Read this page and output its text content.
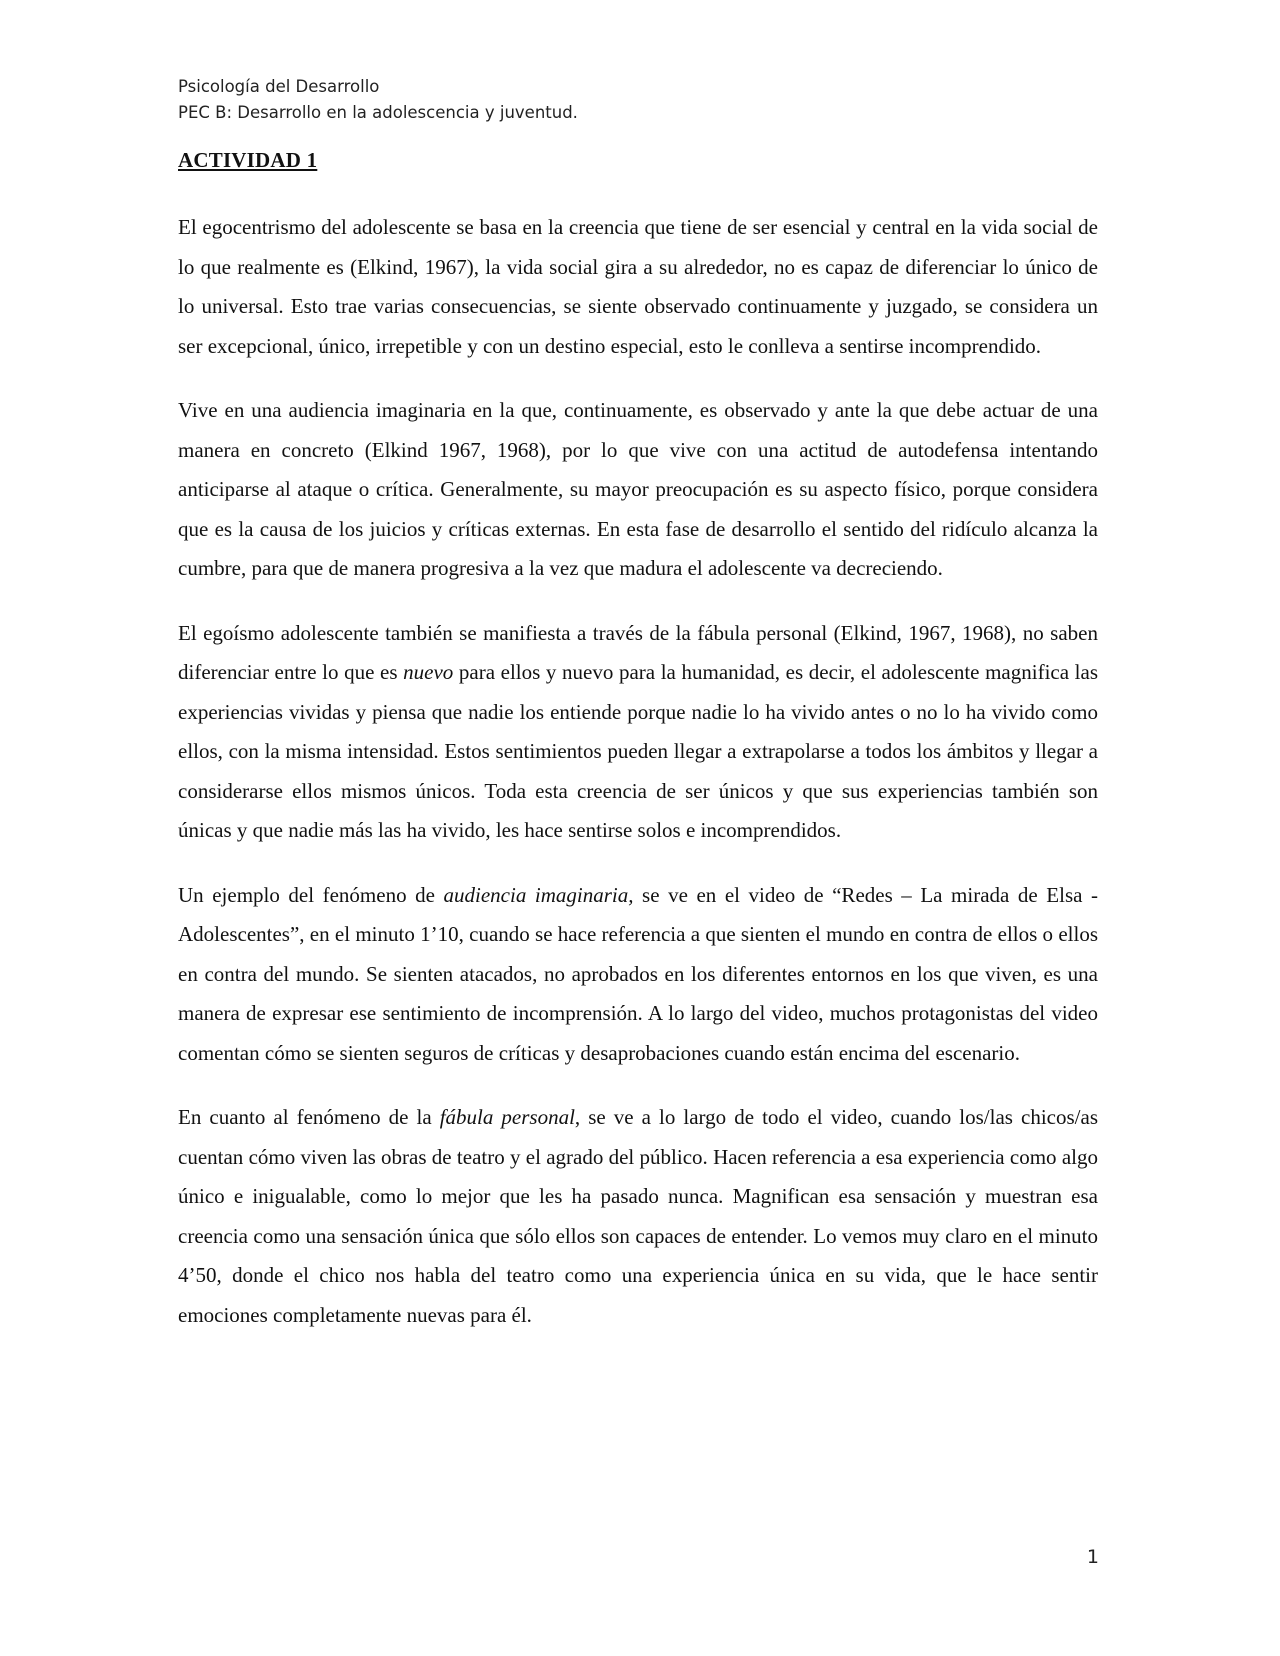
Psicología del Desarrollo
PEC B: Desarrollo en la adolescencia y juventud.
ACTIVIDAD 1

El egocentrismo del adolescente se basa en la creencia que tiene de ser esencial y central en la vida social de lo que realmente es (Elkind, 1967), la vida social gira a su alrededor, no es capaz de diferenciar lo único de lo universal. Esto trae varias consecuencias, se siente observado continuamente y juzgado, se considera un ser excepcional, único, irrepetible y con un destino especial, esto le conlleva a sentirse incomprendido.

Vive en una audiencia imaginaria en la que, continuamente, es observado y ante la que debe actuar de una manera en concreto (Elkind 1967, 1968), por lo que vive con una actitud de autodefensa intentando anticiparse al ataque o crítica. Generalmente, su mayor preocupación es su aspecto físico, porque considera que es la causa de los juicios y críticas externas. En esta fase de desarrollo el sentido del ridículo alcanza la cumbre, para que de manera progresiva a la vez que madura el adolescente va decreciendo.

El egoísmo adolescente también se manifiesta a través de la fábula personal (Elkind, 1967, 1968), no saben diferenciar entre lo que es nuevo para ellos y nuevo para la humanidad, es decir, el adolescente magnifica las experiencias vividas y piensa que nadie los entiende porque nadie lo ha vivido antes o no lo ha vivido como ellos, con la misma intensidad. Estos sentimientos pueden llegar a extrapolarse a todos los ámbitos y llegar a considerarse ellos mismos únicos. Toda esta creencia de ser únicos y que sus experiencias también son únicas y que nadie más las ha vivido, les hace sentirse solos e incomprendidos.

Un ejemplo del fenómeno de audiencia imaginaria, se ve en el video de “Redes – La mirada de Elsa - Adolescentes”, en el minuto 1’10, cuando se hace referencia a que sienten el mundo en contra de ellos o ellos en contra del mundo. Se sienten atacados, no aprobados en los diferentes entornos en los que viven, es una manera de expresar ese sentimiento de incomprensión. A lo largo del video, muchos protagonistas del video comentan cómo se sienten seguros de críticas y desaprobaciones cuando están encima del escenario.

En cuanto al fenómeno de la fábula personal, se ve a lo largo de todo el video, cuando los/las chicos/as cuentan cómo viven las obras de teatro y el agrado del público. Hacen referencia a esa experiencia como algo único e inigualable, como lo mejor que les ha pasado nunca. Magnifican esa sensación y muestran esa creencia como una sensación única que sólo ellos son capaces de entender. Lo vemos muy claro en el minuto 4’50, donde el chico nos habla del teatro como una experiencia única en su vida, que le hace sentir emociones completamente nuevas para él.

1
